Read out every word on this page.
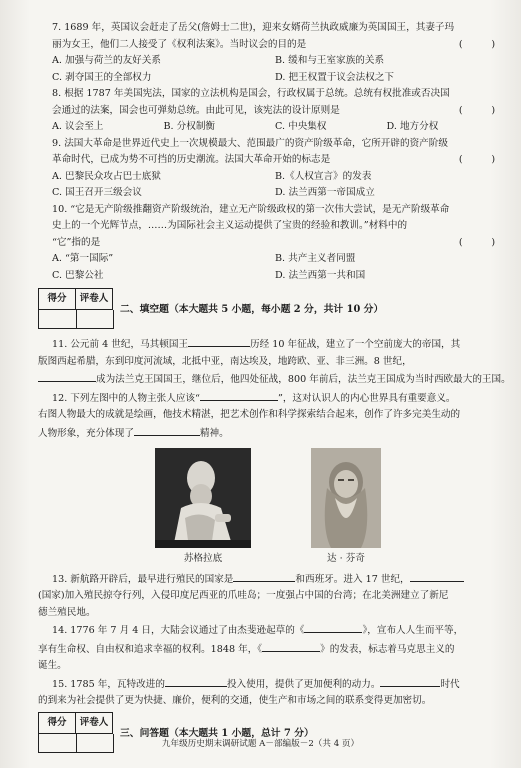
7. 1689 年，英国议会赶走了岳父(詹姆士二世)，迎来女婿荷兰执政威廉为英国国王，其妻子玛
丽为女王，他们二人接受了《权利法案》。当时议会的目的是	(　　　)
A. 加强与荷兰的友好关系	B. 缓和与王室家族的关系
C. 剥夺国王的全部权力	D. 把王权置于议会法权之下
8. 根据 1787 年美国宪法，国家的立法机构是国会，行政权属于总统。总统有权批准或否决国
会通过的法案，国会也可弹劾总统。由此可见，该宪法的设计原则是	(　　　)
A. 议会至上	B. 分权制衡	C. 中央集权	D. 地方分权
9. 法国大革命是世界近代史上一次规模最大、范围最广的资产阶级革命，它所开辟的资产阶级
革命时代，已成为势不可挡的历史潮流。法国大革命开始的标志是	(　　　)
A. 巴黎民众攻占巴士底狱	B.《人权宣言》的发表
C. 国王召开三级会议	D. 法兰西第一帝国成立
10. “它是无产阶级推翻资产阶级统治，建立无产阶级政权的第一次伟大尝试，是无产阶级革命
史上的一个光辉节点，……为国际社会主义运动提供了宝贵的经验和教训。”材料中的
“它”指的是	(　　　)
A. “第一国际”	B. 共产主义者同盟
C. 巴黎公社	D. 法兰西第一共和国
得分	评卷人
二、填空题（本大题共 5 小题，每小题 2 分，共计 10 分）
11. 公元前 4 世纪，马其顿国王	历经 10 年征战，建立了一个空前庞大的帝国，其
版图西起希腊，东到印度河流域，北抵中亚，南达埃及，地跨欧、亚、非三洲。8 世纪，
成为法兰克王国国王，继位后，他四处征战，800 年前后，法兰克王国成为当时西欧最大的王国。
12. 下列左图中的人物主张人应该“	”，这对认识人的内心世界具有重要意义。
右图人物最大的成就是绘画，他技术精湛，把艺术创作和科学探索结合起来，创作了许多完美生动的
人物形象，充分体现了	精神。
苏格拉底	达 · 芬奇
13. 新航路开辟后，最早进行殖民的国家是	和西班牙。进入 17 世纪，
(国家)加入殖民掠夺行列，入侵印度尼西亚的爪哇岛；一度强占中国的台湾；在北美洲建立了新尼
德兰殖民地。
14. 1776 年 7 月 4 日，大陆会议通过了由杰斐逊起草的《	》，宣布人人生而平等，
享有生命权、自由权和追求幸福的权利。1848 年，《	》的发表，标志着马克思主义的
诞生。
15. 1785 年，瓦特改进的	投入使用，提供了更加便利的动力。	时代
的到来为社会提供了更为快捷、廉价，便利的交通，使生产和市场之间的联系变得更加密切。
得分	评卷人
三、问答题（本大题共 1 小题，总计 7 分）
九年级历史期末调研试题 A－部编版－2（共 4 页）
